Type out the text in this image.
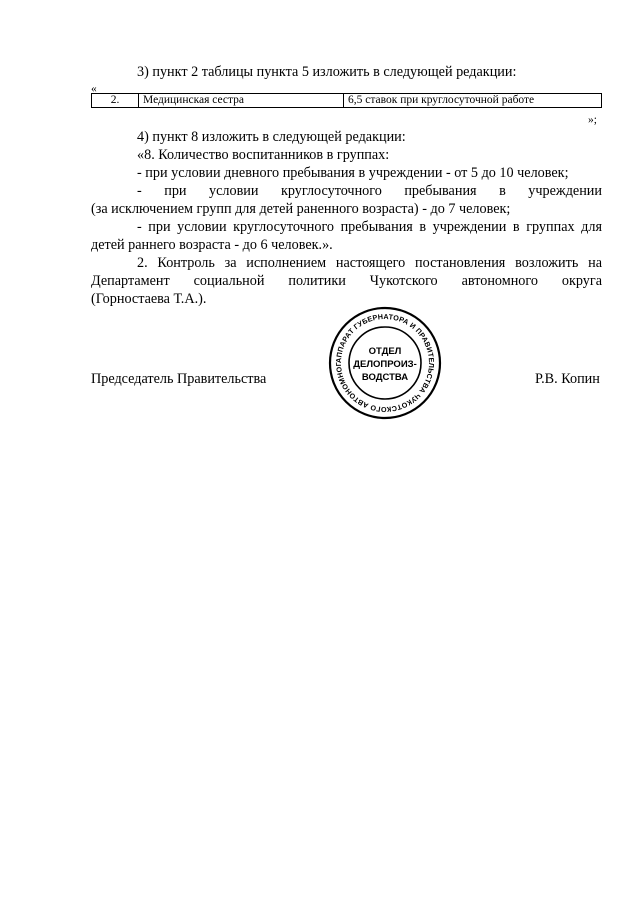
3) пункт 2 таблицы пункта 5 изложить в следующей редакции:
«
2.	Медицинская сестра	6,5 ставок при круглосуточной работе
»;
4) пункт 8 изложить в следующей редакции:
«8. Количество воспитанников в группах:
- при условии дневного пребывания в учреждении - от 5 до 10 человек;
- при условии круглосуточного пребывания в учреждении
(за исключением групп для детей раненного возраста) - до 7 человек;
- при условии круглосуточного пребывания в учреждении в группах для
детей раннего возраста - до 6 человек.».
2. Контроль за исполнением настоящего постановления возложить на
Департамент социальной политики Чукотского автономного округа
(Горностаева Т.А.).
Председатель Правительства	Р.В. Копин
АППАРАТ ГУБЕРНАТОРА И ПРАВИТЕЛЬСТВА ЧУКОТСКОГО АВТОНОМНОГ
ОТДЕЛ
ДЕЛОПРОИЗ-
ВОДСТВА
